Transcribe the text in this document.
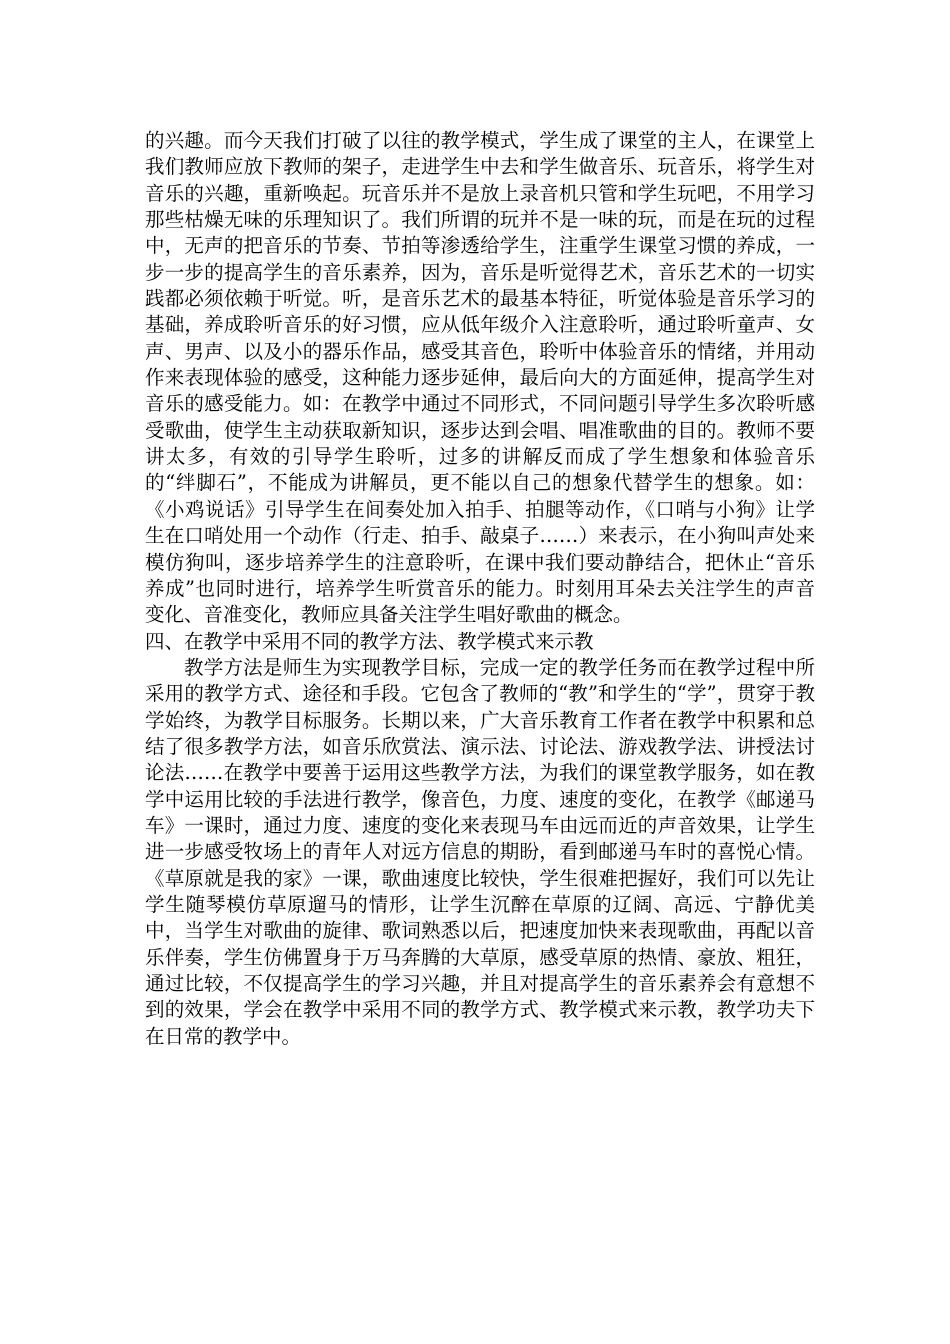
的兴趣。而今天我们打破了以往的教学模式，学生成了课堂的主人，在课堂上我们教师应放下教师的架子，走进学生中去和学生做音乐、玩音乐，将学生对音乐的兴趣，重新唤起。玩音乐并不是放上录音机只管和学生玩吧，不用学习那些枯燥无味的乐理知识了。我们所谓的玩并不是一味的玩，而是在玩的过程中，无声的把音乐的节奏、节拍等渗透给学生，注重学生课堂习惯的养成，一步一步的提高学生的音乐素养，因为，音乐是听觉得艺术，音乐艺术的一切实践都必须依赖于听觉。听，是音乐艺术的最基本特征，听觉体验是音乐学习的基础，养成聆听音乐的好习惯，应从低年级介入注意聆听，通过聆听童声、女声、男声、以及小的器乐作品，感受其音色，聆听中体验音乐的情绪，并用动作来表现体验的感受，这种能力逐步延伸，最后向大的方面延伸，提高学生对音乐的感受能力。如：在教学中通过不同形式，不同问题引导学生多次聆听感受歌曲，使学生主动获取新知识，逐步达到会唱、唱准歌曲的目的。教师不要讲太多，有效的引导学生聆听，过多的讲解反而成了学生想象和体验音乐的“绊脚石”，不能成为讲解员，更不能以自己的想象代替学生的想象。如：《小鸡说话》引导学生在间奏处加入拍手、拍腿等动作，《口哨与小狗》让学生在口哨处用一个动作（行走、拍手、敲桌子……）来表示，在小狗叫声处来模仿狗叫，逐步培养学生的注意聆听，在课中我们要动静结合，把休止“音乐养成”也同时进行，培养学生听赏音乐的能力。时刻用耳朵去关注学生的声音变化、音准变化，教师应具备关注学生唱好歌曲的概念。

四、在教学中采用不同的教学方法、教学模式来示教

教学方法是师生为实现教学目标，完成一定的教学任务而在教学过程中所采用的教学方式、途径和手段。它包含了教师的“教”和学生的“学”，贯穿于教学始终，为教学目标服务。长期以来，广大音乐教育工作者在教学中积累和总结了很多教学方法，如音乐欣赏法、演示法、讨论法、游戏教学法、讲授法讨论法……在教学中要善于运用这些教学方法，为我们的课堂教学服务，如在教学中运用比较的手法进行教学，像音色，力度、速度的变化，在教学《邮递马车》一课时，通过力度、速度的变化来表现马车由远而近的声音效果，让学生进一步感受牧场上的青年人对远方信息的期盼，看到邮递马车时的喜悦心情。《草原就是我的家》一课，歌曲速度比较快，学生很难把握好，我们可以先让学生随琴模仿草原遛马的情形，让学生沉醉在草原的辽阔、高远、宁静优美中，当学生对歌曲的旋律、歌词熟悉以后，把速度加快来表现歌曲，再配以音乐伴奏，学生仿佛置身于万马奔腾的大草原，感受草原的热情、豪放、粗狂，通过比较，不仅提高学生的学习兴趣，并且对提高学生的音乐素养会有意想不到的效果，学会在教学中采用不同的教学方式、教学模式来示教，教学功夫下在日常的教学中。
